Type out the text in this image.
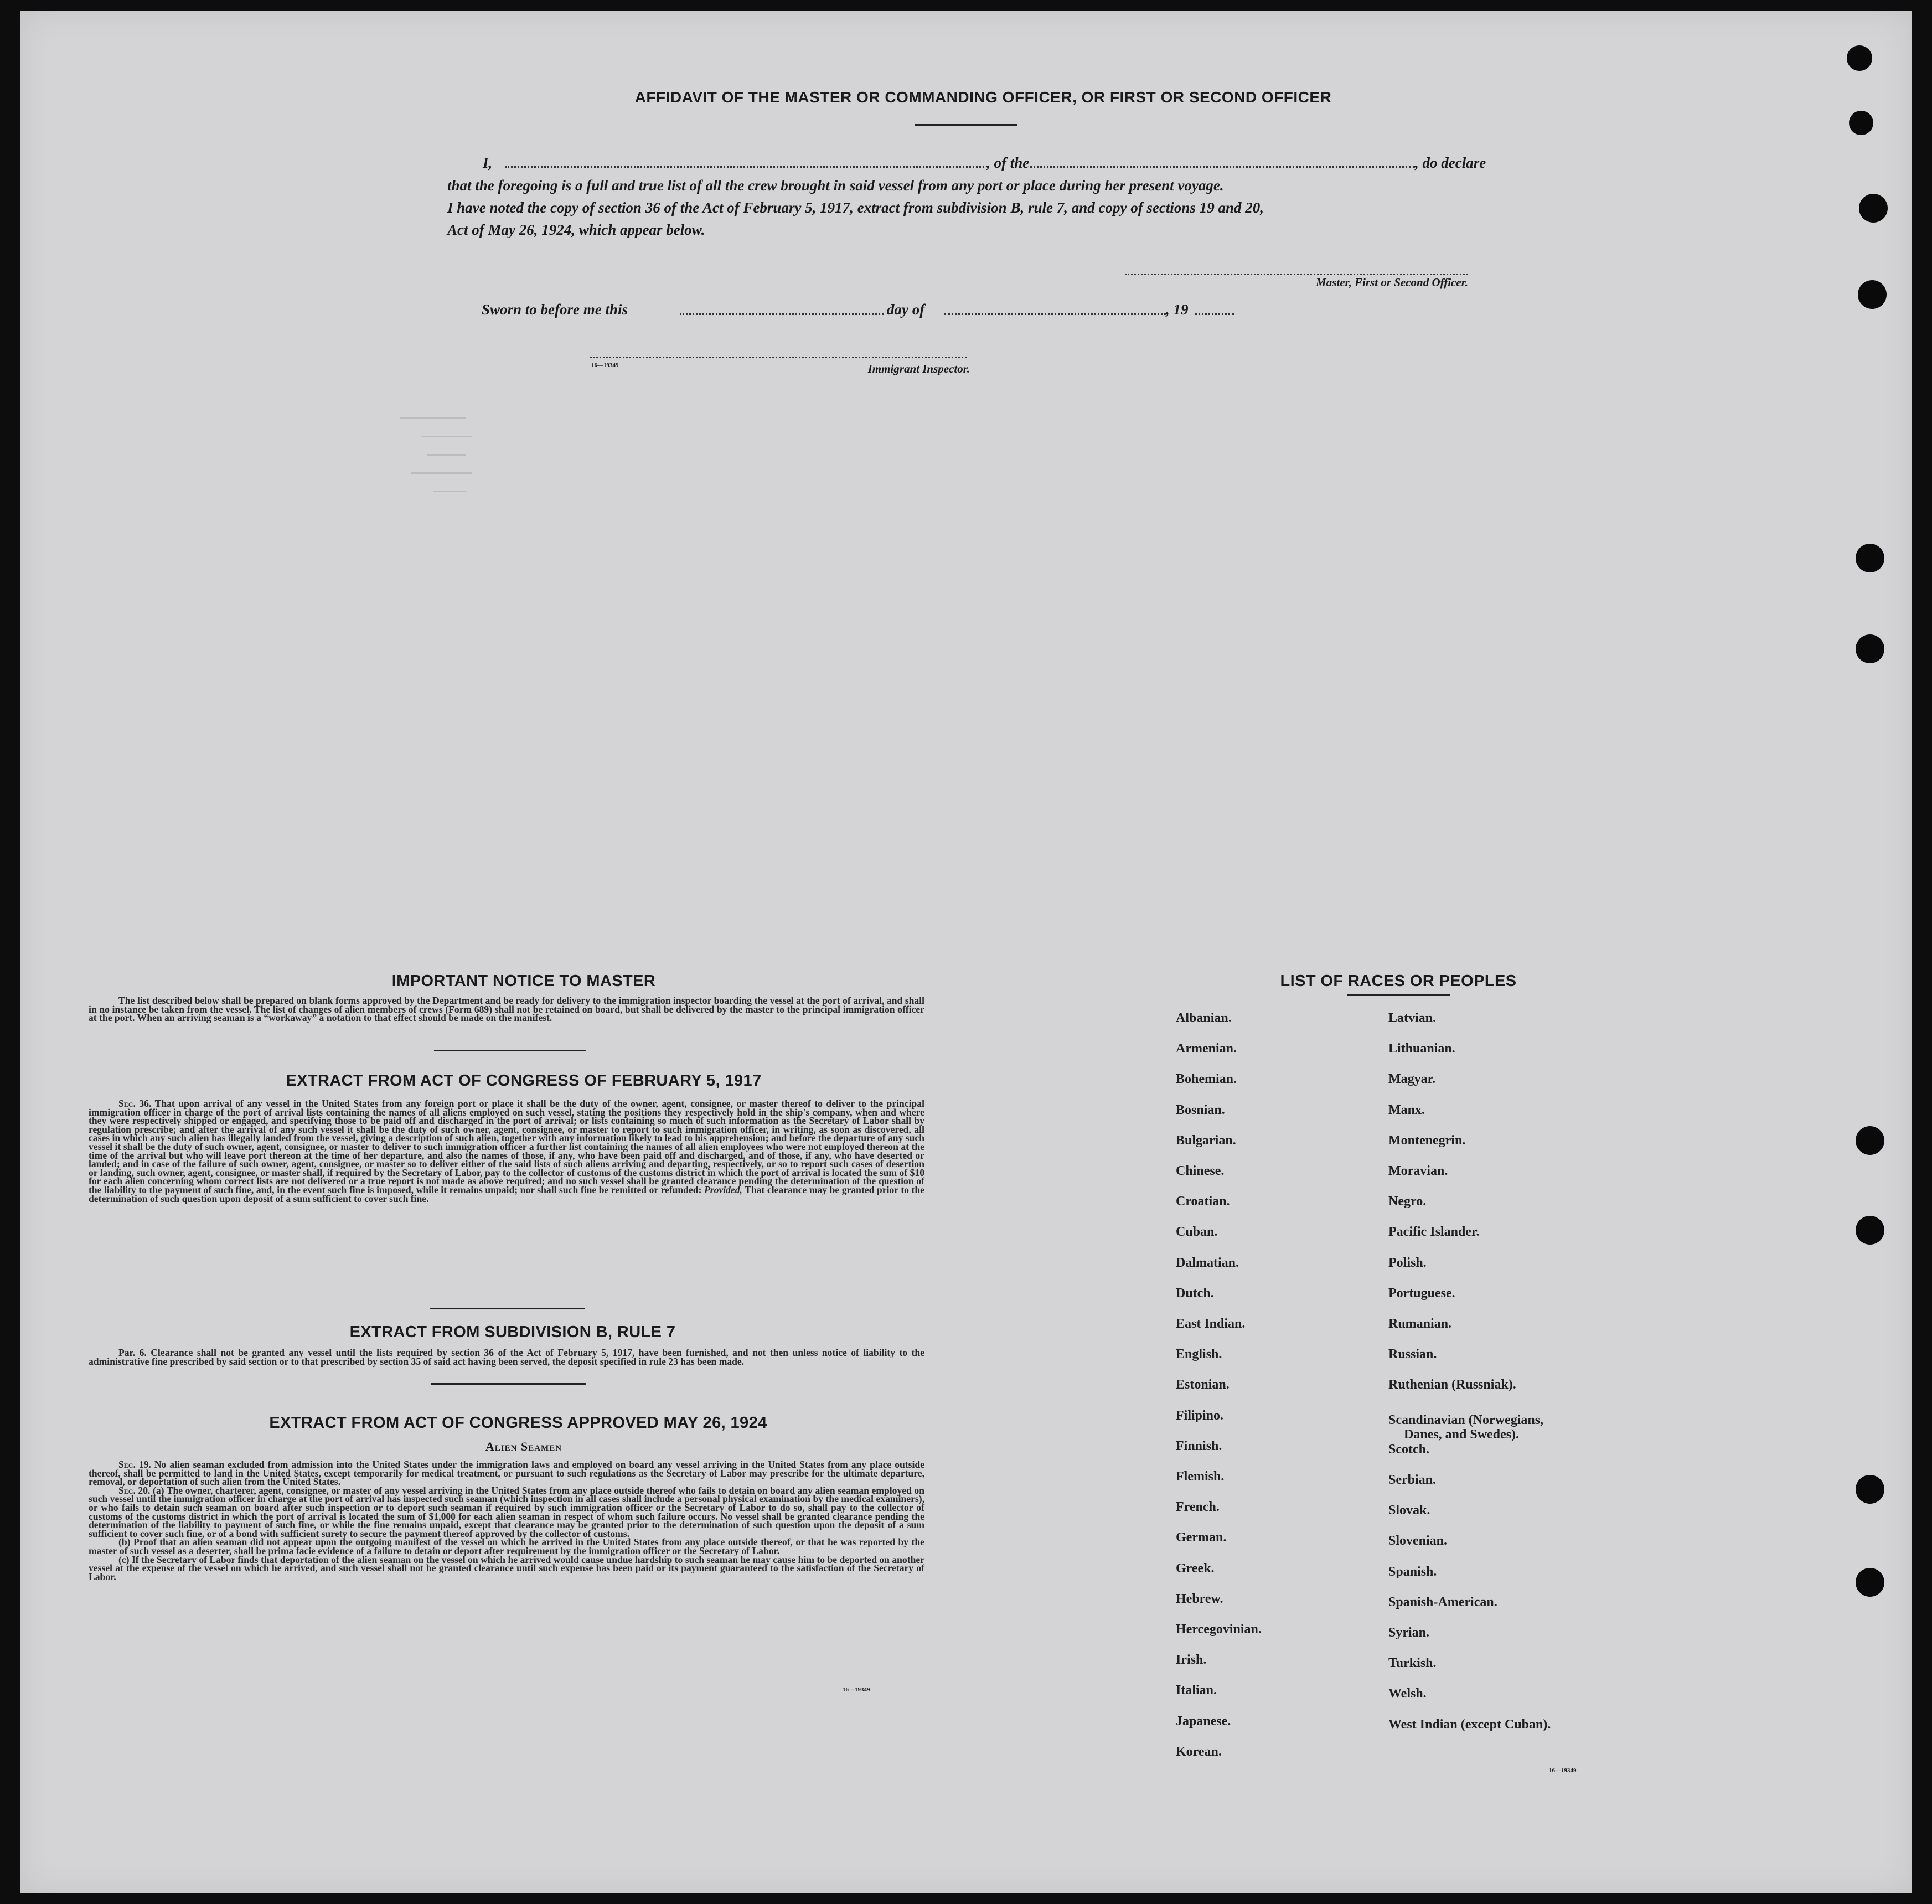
AFFIDAVIT OF THE MASTER OR COMMANDING OFFICER, OR FIRST OR SECOND OFFICER
I,	, of the	, do declare
that the foregoing is a full and true list of all the crew brought in said vessel from any port or place during her present voyage.
I have noted the copy of section 36 of the Act of February 5, 1917, extract from subdivision B, rule 7, and copy of sections 19 and 20,
Act of May 26, 1924, which appear below.
Master, First or Second Officer.
Sworn to before me this	day of	, 19
16—19349	Immigrant Inspector.
IMPORTANT NOTICE TO MASTER
The list described below shall be prepared on blank forms approved by the Department and be ready for delivery to the immigration inspector boarding the vessel at the port of arrival, and shall in no instance be taken from the vessel. The list of changes of alien members of crews (Form 689) shall not be retained on board, but shall be delivered by the master to the principal immigration officer at the port. When an arriving seaman is a “workaway” a notation to that effect should be made on the manifest.
EXTRACT FROM ACT OF CONGRESS OF FEBRUARY 5, 1917
Sec. 36. That upon arrival of any vessel in the United States from any foreign port or place it shall be the duty of the owner, agent, consignee, or master thereof to deliver to the principal immigration officer in charge of the port of arrival lists containing the names of all aliens employed on such vessel, stating the positions they respectively hold in the ship's company, when and where they were respectively shipped or engaged, and specifying those to be paid off and discharged in the port of arrival; or lists containing so much of such information as the Secretary of Labor shall by regulation prescribe; and after the arrival of any such vessel it shall be the duty of such owner, agent, consignee, or master to report to such immigration officer, in writing, as soon as discovered, all cases in which any such alien has illegally landed from the vessel, giving a description of such alien, together with any information likely to lead to his apprehension; and before the departure of any such vessel it shall be the duty of such owner, agent, consignee, or master to deliver to such immigration officer a further list containing the names of all alien employees who were not employed thereon at the time of the arrival but who will leave port thereon at the time of her departure, and also the names of those, if any, who have been paid off and discharged, and of those, if any, who have deserted or landed; and in case of the failure of such owner, agent, consignee, or master so to deliver either of the said lists of such aliens arriving and departing, respectively, or so to report such cases of desertion or landing, such owner, agent, consignee, or master shall, if required by the Secretary of Labor, pay to the collector of customs of the customs district in which the port of arrival is located the sum of $10 for each alien concerning whom correct lists are not delivered or a true report is not made as above required; and no such vessel shall be granted clearance pending the determination of the question of the liability to the payment of such fine, and, in the event such fine is imposed, while it remains unpaid; nor shall such fine be remitted or refunded: Provided, That clearance may be granted prior to the determination of such question upon deposit of a sum sufficient to cover such fine.
EXTRACT FROM SUBDIVISION B, RULE 7
Par. 6. Clearance shall not be granted any vessel until the lists required by section 36 of the Act of February 5, 1917, have been furnished, and not then unless notice of liability to the administrative fine prescribed by said section or to that prescribed by section 35 of said act having been served, the deposit specified in rule 23 has been made.
EXTRACT FROM ACT OF CONGRESS APPROVED MAY 26, 1924
Alien Seamen
Sec. 19. No alien seaman excluded from admission into the United States under the immigration laws and employed on board any vessel arriving in the United States from any place outside thereof, shall be permitted to land in the United States, except temporarily for medical treatment, or pursuant to such regulations as the Secretary of Labor may prescribe for the ultimate departure, removal, or deportation of such alien from the United States.
Sec. 20. (a) The owner, charterer, agent, consignee, or master of any vessel arriving in the United States from any place outside thereof who fails to detain on board any alien seaman employed on such vessel until the immigration officer in charge at the port of arrival has inspected such seaman (which inspection in all cases shall include a personal physical examination by the medical examiners), or who fails to detain such seaman on board after such inspection or to deport such seaman if required by such immigration officer or the Secretary of Labor to do so, shall pay to the collector of customs of the customs district in which the port of arrival is located the sum of $1,000 for each alien seaman in respect of whom such failure occurs. No vessel shall be granted clearance pending the determination of the liability to payment of such fine, or while the fine remains unpaid, except that clearance may be granted prior to the determination of such question upon the deposit of a sum sufficient to cover such fine, or of a bond with sufficient surety to secure the payment thereof approved by the collector of customs.
(b) Proof that an alien seaman did not appear upon the outgoing manifest of the vessel on which he arrived in the United States from any place outside thereof, or that he was reported by the master of such vessel as a deserter, shall be prima facie evidence of a failure to detain or deport after requirement by the immigration officer or the Secretary of Labor.
(c) If the Secretary of Labor finds that deportation of the alien seaman on the vessel on which he arrived would cause undue hardship to such seaman he may cause him to be deported on another vessel at the expense of the vessel on which he arrived, and such vessel shall not be granted clearance until such expense has been paid or its payment guaranteed to the satisfaction of the Secretary of Labor.
16—19349
LIST OF RACES OR PEOPLES
Albanian.
Armenian.
Bohemian.
Bosnian.
Bulgarian.
Chinese.
Croatian.
Cuban.
Dalmatian.
Dutch.
East Indian.
English.
Estonian.
Filipino.
Finnish.
Flemish.
French.
German.
Greek.
Hebrew.
Hercegovinian.
Irish.
Italian.
Japanese.
Korean.
Latvian.
Lithuanian.
Magyar.
Manx.
Montenegrin.
Moravian.
Negro.
Pacific Islander.
Polish.
Portuguese.
Rumanian.
Russian.
Ruthenian (Russniak).
Scandinavian (Norwegians,
Danes, and Swedes).
Scotch.
Serbian.
Slovak.
Slovenian.
Spanish.
Spanish-American.
Syrian.
Turkish.
Welsh.
West Indian (except Cuban).
16—19349
